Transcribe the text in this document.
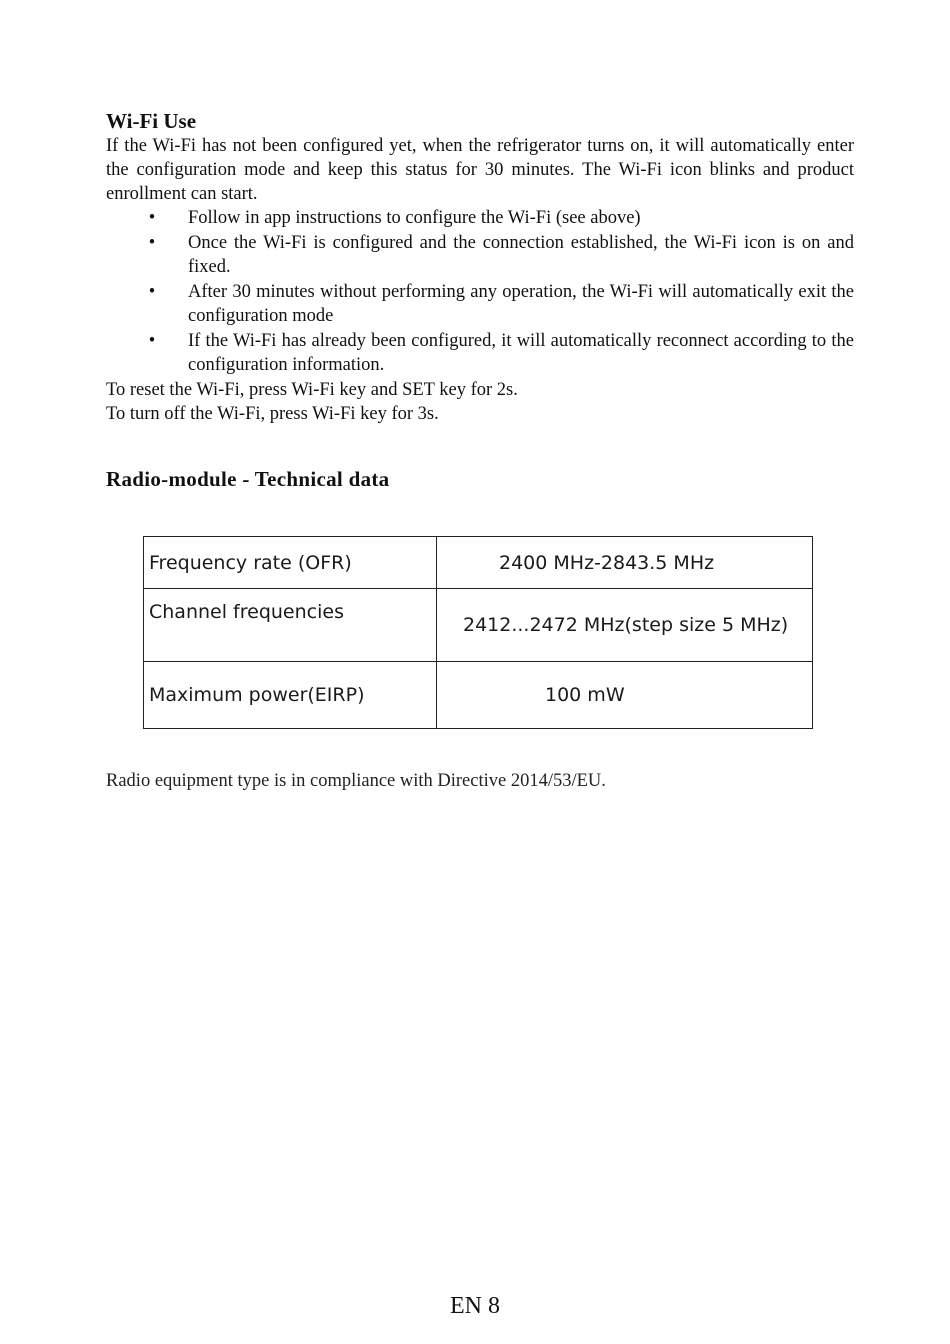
Wi-Fi Use

If the Wi-Fi has not been configured yet, when the refrigerator turns on, it will automatically enter the configuration mode and keep this status for 30 minutes. The Wi-Fi icon blinks and product enrollment can start.

• Follow in app instructions to configure the Wi-Fi (see above)
• Once the Wi-Fi is configured and the connection established, the Wi-Fi icon is on and fixed.
• After 30 minutes without performing any operation, the Wi-Fi will automatically exit the configuration mode
• If the Wi-Fi has already been configured, it will automatically reconnect according to the configuration information.

To reset the Wi-Fi, press Wi-Fi key and SET key for 2s.

To turn off the Wi-Fi, press Wi-Fi key for 3s.

Radio-module - Technical data
Frequency rate (OFR)	2400 MHz-2843.5 MHz

Channel frequencies	2412...2472 MHz(step size 5 MHz)

Maximum power(EIRP)	100 mW

Radio equipment type is in compliance with Directive 2014/53/EU.

EN 8
